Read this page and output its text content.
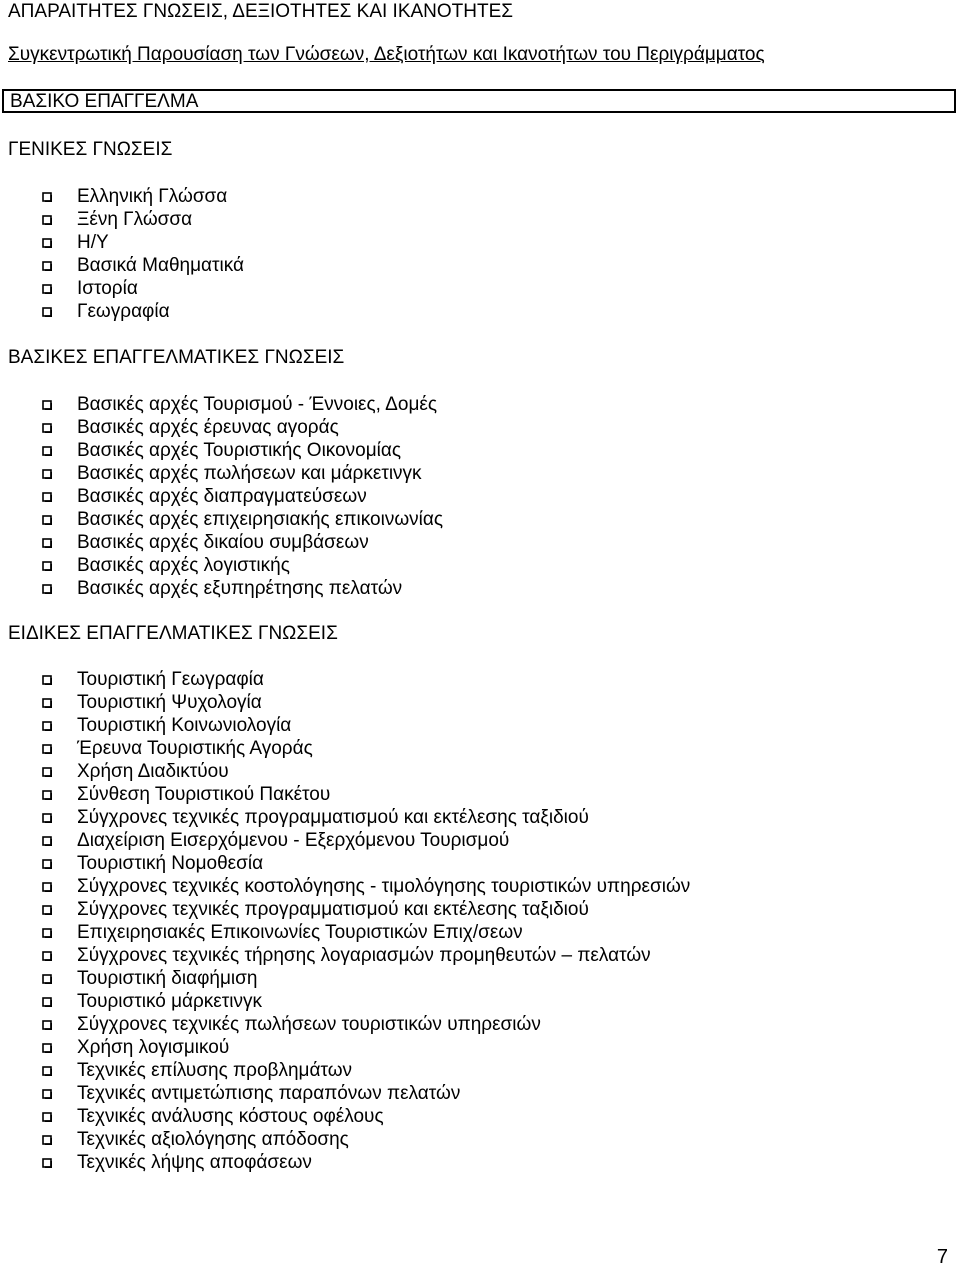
ΑΠΑΡΑΙΤΗΤΕΣ ΓΝΩΣΕΙΣ, ΔΕΞΙΟΤΗΤΕΣ ΚΑΙ ΙΚΑΝΟΤΗΤΕΣ
Συγκεντρωτική Παρουσίαση των Γνώσεων, Δεξιοτήτων και Ικανοτήτων του Περιγράμματος
ΒΑΣΙΚΟ ΕΠΑΓΓΕΛΜΑ
ΓΕΝΙΚΕΣ ΓΝΩΣΕΙΣ
Ελληνική Γλώσσα
Ξένη Γλώσσα
Η/Υ
Βασικά Μαθηματικά
Ιστορία
Γεωγραφία
ΒΑΣΙΚΕΣ ΕΠΑΓΓΕΛΜΑΤΙΚΕΣ ΓΝΩΣΕΙΣ
Βασικές αρχές Τουρισμού - Έννοιες, Δομές
Βασικές αρχές έρευνας αγοράς
Βασικές αρχές Τουριστικής Οικονομίας
Βασικές αρχές πωλήσεων και μάρκετινγκ
Βασικές αρχές διαπραγματεύσεων
Βασικές αρχές επιχειρησιακής επικοινωνίας
Βασικές αρχές δικαίου συμβάσεων
Βασικές αρχές λογιστικής
Βασικές αρχές εξυπηρέτησης πελατών
ΕΙΔΙΚΕΣ ΕΠΑΓΓΕΛΜΑΤΙΚΕΣ ΓΝΩΣΕΙΣ
Τουριστική Γεωγραφία
Τουριστική Ψυχολογία
Τουριστική Κοινωνιολογία
Έρευνα Τουριστικής Αγοράς
Χρήση Διαδικτύου
Σύνθεση Τουριστικού Πακέτου
Σύγχρονες τεχνικές προγραμματισμού και εκτέλεσης ταξιδιού
Διαχείριση Εισερχόμενου - Εξερχόμενου Τουρισμού
Τουριστική Νομοθεσία
Σύγχρονες τεχνικές κοστολόγησης - τιμολόγησης τουριστικών υπηρεσιών
Σύγχρονες τεχνικές προγραμματισμού και εκτέλεσης ταξιδιού
Επιχειρησιακές Επικοινωνίες Τουριστικών Επιχ/σεων
Σύγχρονες τεχνικές τήρησης λογαριασμών προμηθευτών – πελατών
Τουριστική διαφήμιση
Τουριστικό μάρκετινγκ
Σύγχρονες τεχνικές πωλήσεων τουριστικών υπηρεσιών
Χρήση λογισμικού
Τεχνικές επίλυσης προβλημάτων
Τεχνικές αντιμετώπισης παραπόνων πελατών
Τεχνικές ανάλυσης κόστους οφέλους
Τεχνικές αξιολόγησης απόδοσης
Τεχνικές λήψης αποφάσεων
7
